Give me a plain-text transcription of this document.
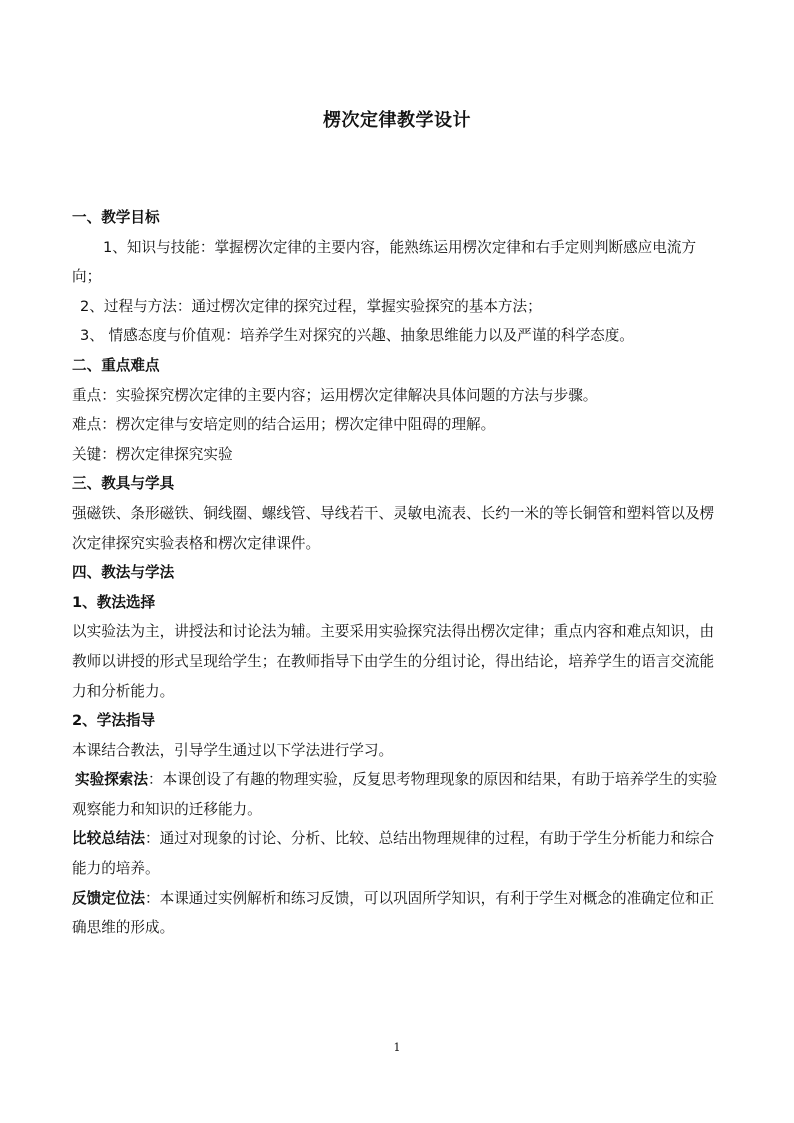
楞次定律教学设计

一、教学目标

1、知识与技能：掌握楞次定律的主要内容，能熟练运用楞次定律和右手定则判断感应电流方向；

2、过程与方法：通过楞次定律的探究过程，掌握实验探究的基本方法；

3、 情感态度与价值观：培养学生对探究的兴趣、抽象思维能力以及严谨的科学态度。

二、重点难点

重点：实验探究楞次定律的主要内容；运用楞次定律解决具体问题的方法与步骤。

难点：楞次定律与安培定则的结合运用；楞次定律中阻碍的理解。

关键：楞次定律探究实验

三、教具与学具

强磁铁、条形磁铁、铜线圈、螺线管、导线若干、灵敏电流表、长约一米的等长铜管和塑料管以及楞次定律探究实验表格和楞次定律课件。

四、教法与学法

1、教法选择

以实验法为主，讲授法和讨论法为辅。主要采用实验探究法得出楞次定律；重点内容和难点知识，由教师以讲授的形式呈现给学生；在教师指导下由学生的分组讨论，得出结论，培养学生的语言交流能力和分析能力。

2、学法指导

本课结合教法，引导学生通过以下学法进行学习。

实验探索法：本课创设了有趣的物理实验，反复思考物理现象的原因和结果，有助于培养学生的实验观察能力和知识的迁移能力。

比较总结法：通过对现象的讨论、分析、比较、总结出物理规律的过程，有助于学生分析能力和综合能力的培养。

反馈定位法：本课通过实例解析和练习反馈，可以巩固所学知识，有利于学生对概念的准确定位和正确思维的形成。

1
